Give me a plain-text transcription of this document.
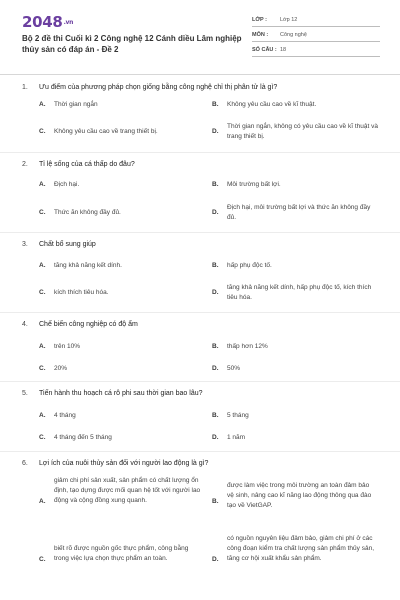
2048.vn
Bộ 2 đề thi Cuối kì 2 Công nghệ 12 Cánh diều Lâm nghiệp thủy sản có đáp án - Đề 2
LỚP :	Lớp 12
MÔN :	Công nghệ
SỐ CÂU : 18
1. Ưu điểm của phương pháp chọn giống bằng công nghệ chỉ thị phân tử là gì?
A. Thời gian ngắn	B. Không yêu cầu cao về kĩ thuật.
C. Không yêu cầu cao về trang thiết bị.	D.
Thời gian ngắn, không có yêu cầu cao về kĩ thuật và trang thiết bị.
2. Tỉ lệ sống của cá thấp do đâu?
A. Địch hại.	B. Môi trường bất lợi.
C. Thức ăn không đầy đủ.	D.
Địch hại, môi trường bất lợi và thức ăn không đầy đủ.
3. Chất bổ sung giúp
A. tăng khả năng kết dính.	B. hấp phụ độc tố.
C. kích thích tiêu hóa.	D.
tăng khả năng kết dính, hấp phụ độc tố, kích thích tiêu hóa.
4. Chế biến công nghiệp có độ ẩm
A. trên 10%	B. thấp hơn 12%
C. 20%	D. 50%
5. Tiến hành thu hoạch cá rô phi sau thời gian bao lâu?
A. 4 tháng	B. 5 tháng
C. 4 tháng đến 5 tháng	D. 1 năm
6. Lợi ích của nuôi thủy sản đối với người lao động là gì?
A.
giảm chi phí sản xuất, sản phẩm có chất lượng ổn định, tạo dựng được mối quan hệ tốt với người lao động và cộng đồng xung quanh.	B.
được làm việc trong môi trường an toàn đảm bảo vệ sinh, nâng cao kĩ năng lao động thông qua đào tạo về VietGAP.
C.
biết rõ được nguồn gốc thực phẩm, công bằng trong việc lựa chọn thực phẩm an toàn.	D.
có nguồn nguyên liệu đảm bảo, giảm chi phí ở các công đoạn kiểm tra chất lượng sản phẩm thủy sản, tăng cơ hội xuất khẩu sản phẩm.
